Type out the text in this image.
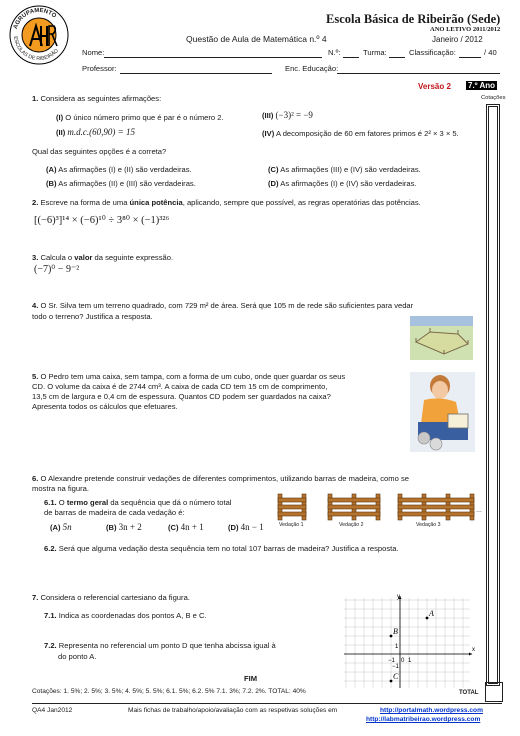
AGRUPAMENTO
ESCOLAS DE RIBEIRÃO
Escola Básica de Ribeirão (Sede)
ANO LETIVO 2011/2012
Questão de Aula de Matemática n.º 4	Janeiro / 2012
Nome:	N.º:	Turma:	Classificação:	/ 40
Professor:	Enc. Educação:
Versão 2 7.º Ano
Cotações
TOTAL
1. Considera as seguintes afirmações:
(I) O único número primo que é par é o número 2.	(III) (−3)² = −9
(II) m.d.c.(60,90) = 15	(IV) A decomposição de 60 em fatores primos é 2² × 3 × 5.
Qual das seguintes opções é a correta?
(A) As afirmações (I) e (II) são verdadeiras.	(C) As afirmações (III) e (IV) são verdadeiras.
(B) As afirmações (II) e (III) são verdadeiras.	(D) As afirmações (I) e (IV) são verdadeiras.
2. Escreve na forma de uma única potência, aplicando, sempre que possível, as regras operatórias das potências.
[(−6)³]¹⁴ × (−6)¹⁰ ÷ 3⁸⁰ × (−1)³²⁶
3. Calcula o valor da seguinte expressão.
(−7)⁰ − 9⁻²
4. O Sr. Silva tem um terreno quadrado, com 729 m² de área. Será que 105 m de rede são suficientes para vedar
todo o terreno? Justifica a resposta.
5. O Pedro tem uma caixa, sem tampa, com a forma de um cubo, onde quer guardar os seus
CD. O volume da caixa é de 2744 cm³. A caixa de cada CD tem 15 cm de comprimento,
13,5 cm de largura e 0,4 cm de espessura. Quantos CD podem ser guardados na caixa?
Apresenta todos os cálculos que efetuares.
6. O Alexandre pretende construir vedações de diferentes comprimentos, utilizando barras de madeira, como se
mostra na figura.
6.1. O termo geral da sequência que dá o número total
de barras de madeira de cada vedação é:
(A) 5n	(B) 3n + 2	(C) 4n + 1	(D) 4n − 1	Vedação 1	Vedação 2	Vedação 3
…
6.2. Será que alguma vedação desta sequência tem no total 107 barras de madeira? Justifica a resposta.
7. Considera o referencial cartesiano da figura.
7.1. Indica as coordenadas dos pontos A, B e C.
7.2. Representa no referencial um ponto D que tenha abcissa igual à
do ponto A.
y
x
−1 0 1
1
−1
A
B
C
FIM
Cotações: 1. 5%; 2. 5%; 3. 5%; 4. 5%; 5. 5%; 6.1. 5%; 6.2. 5% 7.1. 3%; 7.2. 2%. TOTAL: 40%
QA4 Jan2012	Mais fichas de trabalho/apoio/avaliação com as respetivas soluções em	http://portalmath.wordpress.com
http://labmatribeirao.wordpress.com
